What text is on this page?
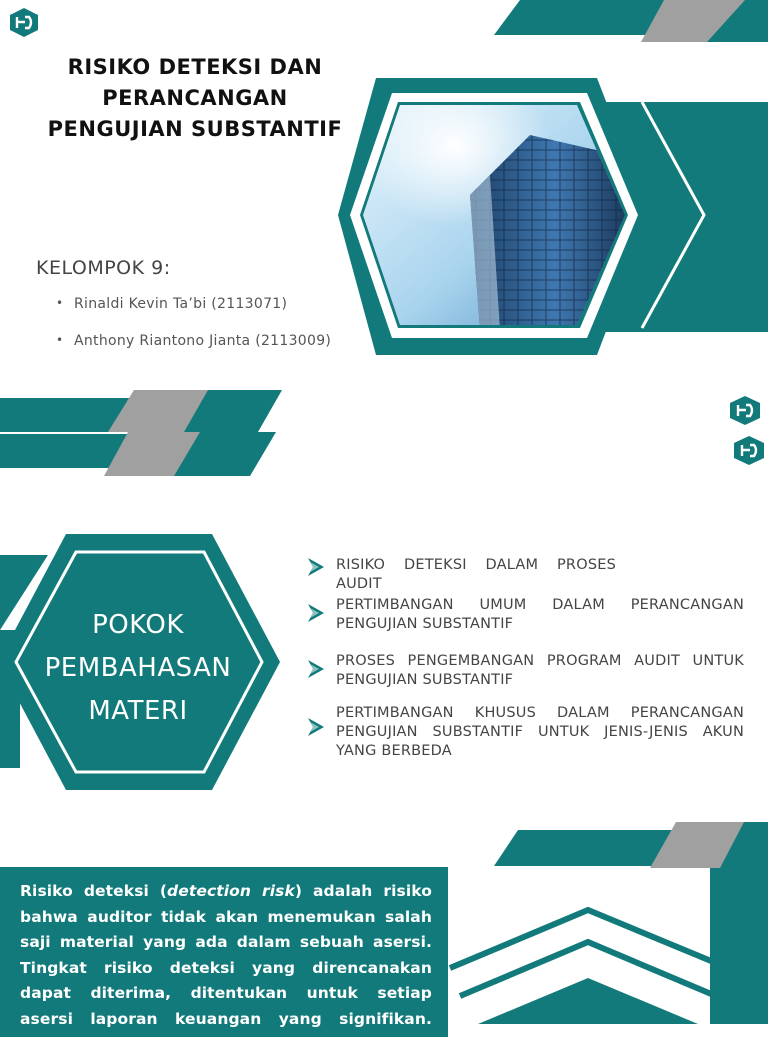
RISIKO DETEKSI DAN PERANCANGAN PENGUJIAN SUBSTANTIF
KELOMPOK 9:
• Rinaldi Kevin Ta’bi (2113071)
• Anthony Riantono Jianta (2113009)
POKOK PEMBAHASAN MATERI
RISIKO DETEKSI DALAM PROSES AUDIT
PERTIMBANGAN UMUM DALAM PERANCANGAN PENGUJIAN SUBSTANTIF
PROSES PENGEMBANGAN PROGRAM AUDIT UNTUK PENGUJIAN SUBSTANTIF
PERTIMBANGAN KHUSUS DALAM PERANCANGAN PENGUJIAN SUBSTANTIF UNTUK JENIS-JENIS AKUN YANG BERBEDA

Risiko deteksi (detection risk) adalah risiko bahwa auditor tidak akan menemukan salah saji material yang ada dalam sebuah asersi. Tingkat risiko deteksi yang direncanakan dapat diterima, ditentukan untuk setiap asersi laporan keuangan yang signifikan. Selanjutnya,
